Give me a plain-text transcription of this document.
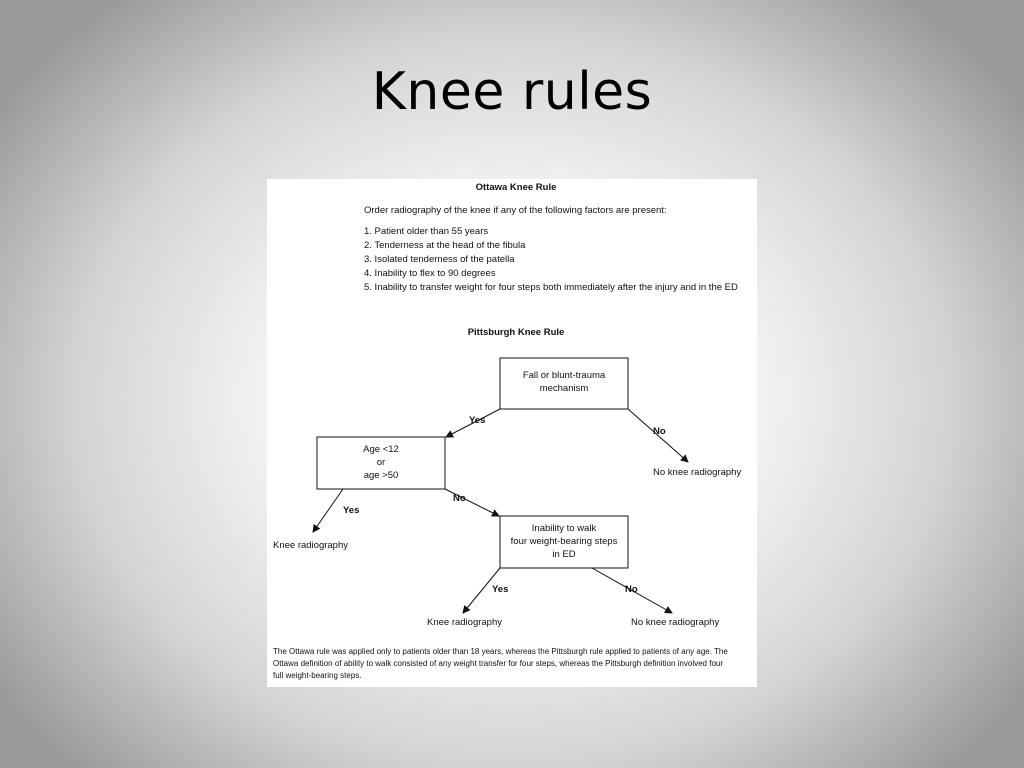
Knee rules
Ottawa Knee Rule
Order radiography of the knee if any of the following factors are present:
1. Patient older than 55 years
2. Tenderness at the head of the fibula
3. Isolated tenderness of the patella
4. Inability to flex to 90 degrees
5. Inability to transfer weight for four steps both immediately after the injury and in the ED
Pittsburgh Knee Rule
Fall or blunt-trauma
mechanism
Age <12
or
age >50
Inability to walk
four weight-bearing steps
in ED
Yes
No
Yes
No
Yes	No
No knee radiography
Knee radiography
Knee radiography	No knee radiography
The Ottawa rule was applied only to patients older than 18 years, whereas the Pittsburgh rule applied to patients of any age. The
Ottawa definition of ability to walk consisted of any weight transfer for four steps, whereas the Pittsburgh definition involved four
full weight-bearing steps.
